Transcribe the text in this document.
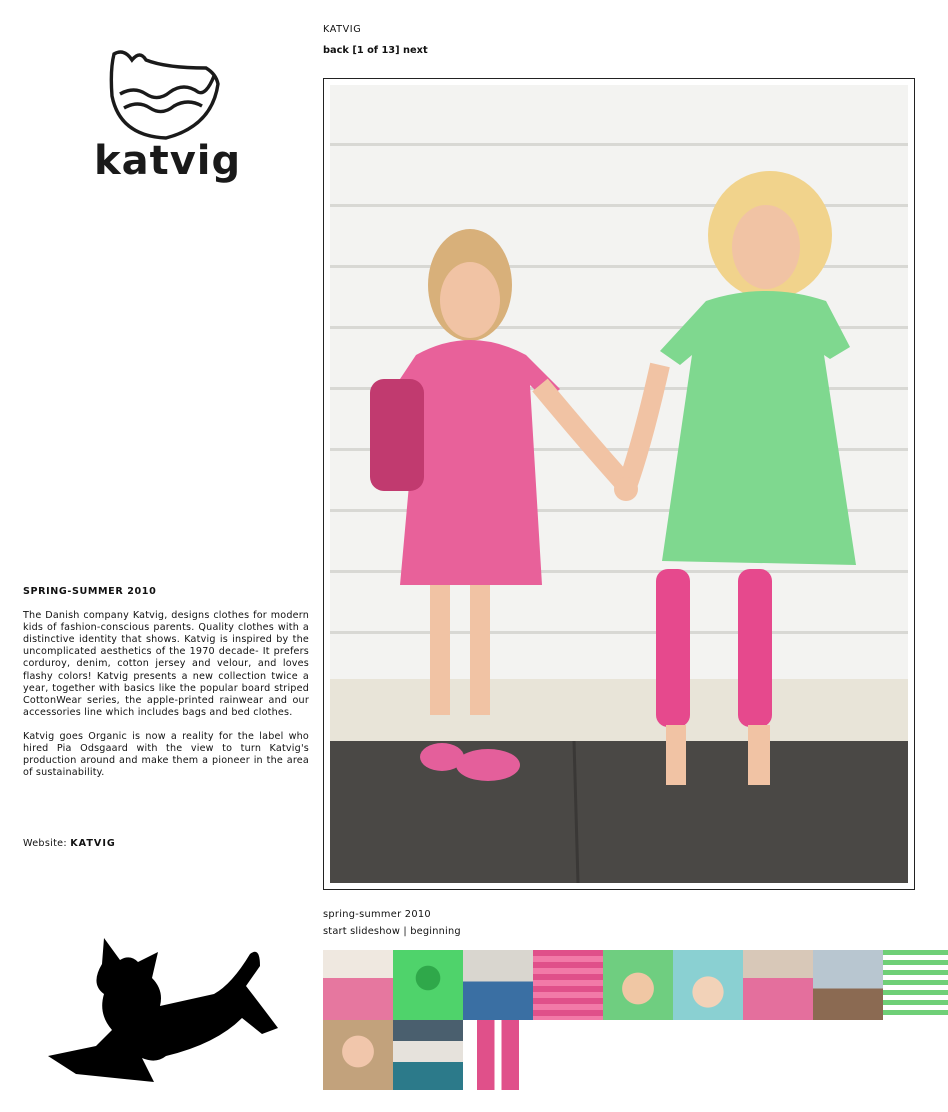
katvig
SPRING-SUMMER 2010

The Danish company Katvig, designs clothes for modern kids of fashion-conscious parents. Quality clothes with a distinctive identity that shows. Katvig is inspired by the uncomplicated aesthetics of the 1970 decade- It prefers corduroy, denim, cotton jersey and velour, and loves flashy colors! Katvig presents a new collection twice a year, together with basics like the popular board striped CottonWear series, the apple-printed rainwear and our accessories line which includes bags and bed clothes.

Katvig goes Organic is now a reality for the label who hired Pia Odsgaard with the view to turn Katvig's production around and make them a pioneer in the area of sustainability.

Website: KATVIG
KATVIG
back [1 of 13] next
spring-summer 2010
start slideshow | beginning
